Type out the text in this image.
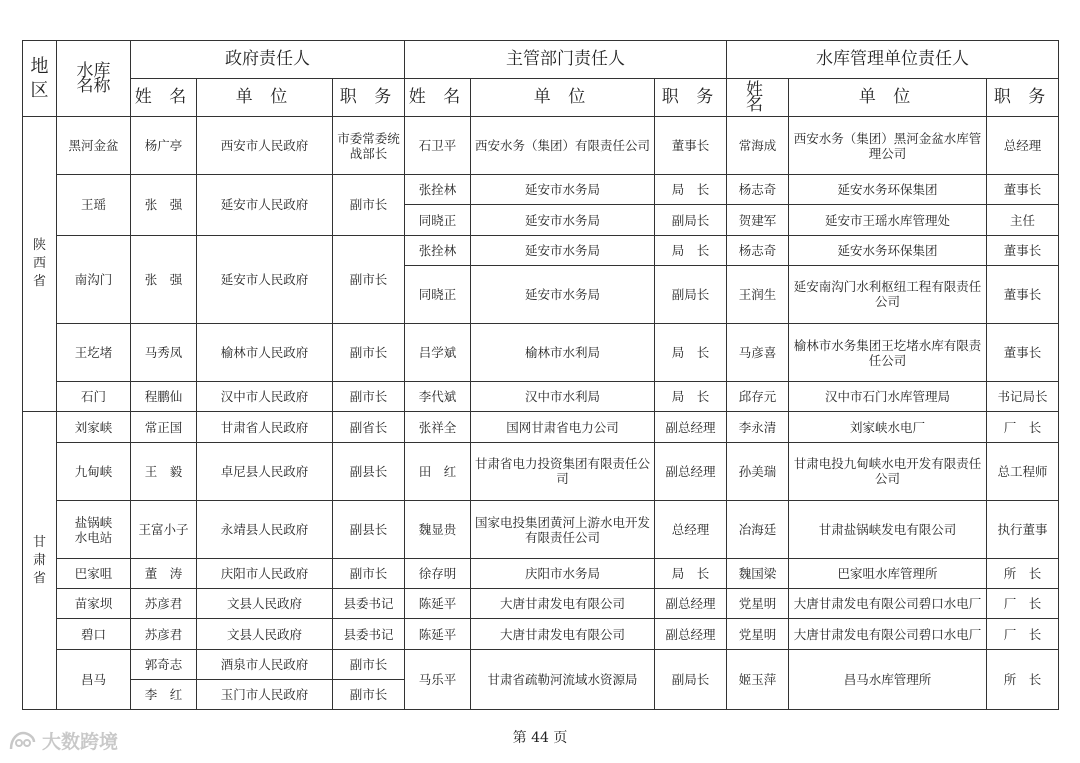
地区	水库
名称	政府责任人			主管部门责任人			水库管理单位责任人		
		姓 名	单 位	职 务	姓 名	单 位	职 务	姓 名	单 位	职 务
陕西省	黑河金盆	杨广亭	西安市人民政府	市委常委统战部长	石卫平	西安水务（集团）有限责任公司	董事长	常海成	西安水务（集团）黑河金盆水库管理公司	总经理
	王瑶	张　强	延安市人民政府	副市长	张拴林	延安市水务局	局　长	杨志奇	延安水务环保集团	董事长
					同晓正	延安市水务局	副局长	贺建军	延安市王瑶水库管理处	主任
	南沟门	张　强	延安市人民政府	副市长	张拴林	延安市水务局	局　长	杨志奇	延安水务环保集团	董事长
					同晓正	延安市水务局	副局长	王润生	延安南沟门水利枢纽工程有限责任公司	董事长
	王圪堵	马秀凤	榆林市人民政府	副市长	吕学斌	榆林市水利局	局　长	马彦喜	榆林市水务集团王圪堵水库有限责任公司	董事长
	石门	程鹏仙	汉中市人民政府	副市长	李代斌	汉中市水利局	局　长	邱存元	汉中市石门水库管理局	书记局长
甘肃省	刘家峡	常正国	甘肃省人民政府	副省长	张祥全	国网甘肃省电力公司	副总经理	李永清	刘家峡水电厂	厂　长
	九甸峡	王　毅	卓尼县人民政府	副县长	田　红	甘肃省电力投资集团有限责任公司	副总经理	孙美瑞	甘肃电投九甸峡水电开发有限责任公司	总工程师
	盐锅峡水电站	王富小子	永靖县人民政府	副县长	魏显贵	国家电投集团黄河上游水电开发有限责任公司	总经理	冶海廷	甘肃盐锅峡发电有限公司	执行董事
	巴家咀	董　涛	庆阳市人民政府	副市长	徐存明	庆阳市水务局	局　长	魏国梁	巴家咀水库管理所	所　长
	苗家坝	苏彦君	文县人民政府	县委书记	陈延平	大唐甘肃发电有限公司	副总经理	党星明	大唐甘肃发电有限公司碧口水电厂	厂　长
	碧口	苏彦君	文县人民政府	县委书记	陈延平	大唐甘肃发电有限公司	副总经理	党星明	大唐甘肃发电有限公司碧口水电厂	厂　长
	昌马	郭奇志	酒泉市人民政府	副市长	马乐平	甘肃省疏勒河流域水资源局	副局长	姬玉萍	昌马水库管理所	所　长
		李　红	玉门市人民政府	副市长						
大数跨境	第 44 页
